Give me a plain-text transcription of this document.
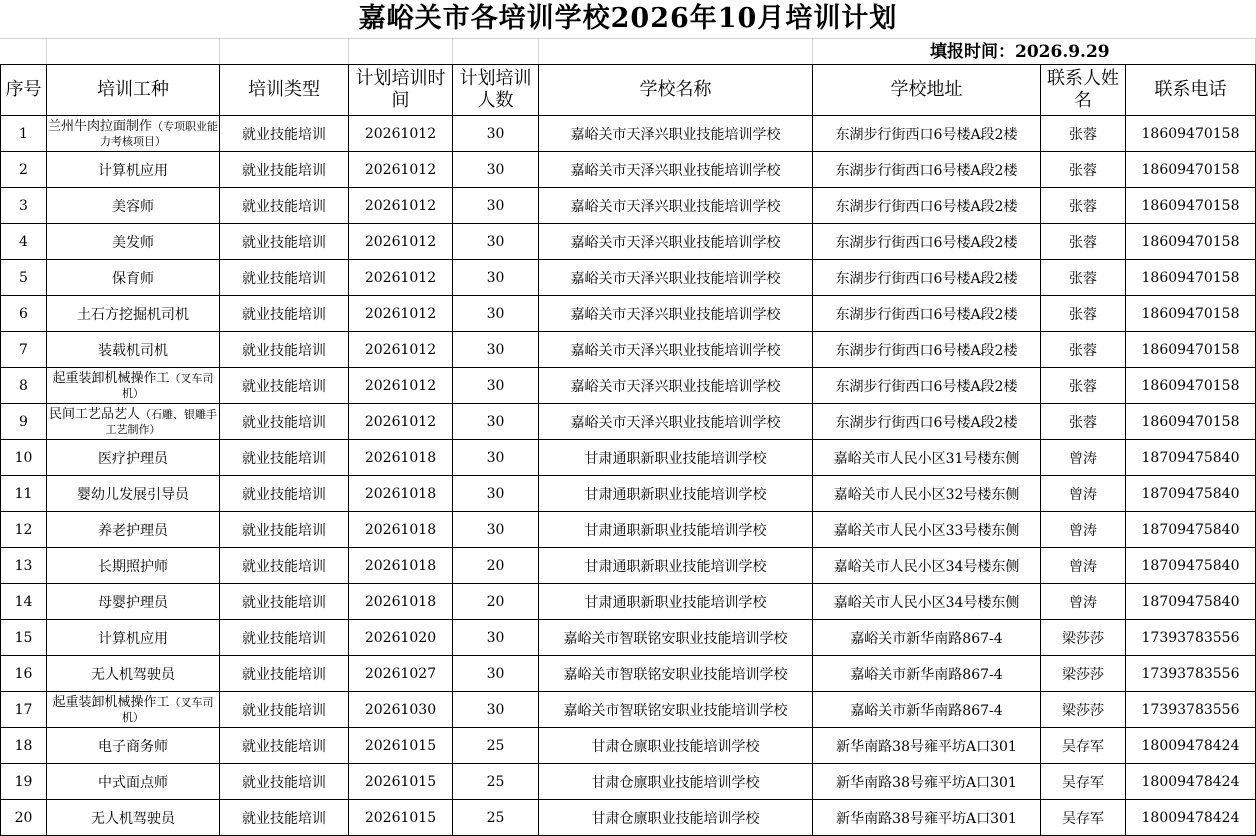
嘉峪关市各培训学校2026年10月培训计划
填报时间：2026.9.29
序号	培训工种	培训类型	计划培训时间	计划培训人数	学校名称	学校地址	联系人姓名	联系电话
1	兰州牛肉拉面制作（专项职业能力考核项目）	就业技能培训	20261012	30	嘉峪关市天泽兴职业技能培训学校	东湖步行街西口6号楼A段2楼	张蓉	18609470158
2	计算机应用	就业技能培训	20261012	30	嘉峪关市天泽兴职业技能培训学校	东湖步行街西口6号楼A段2楼	张蓉	18609470158
3	美容师	就业技能培训	20261012	30	嘉峪关市天泽兴职业技能培训学校	东湖步行街西口6号楼A段2楼	张蓉	18609470158
4	美发师	就业技能培训	20261012	30	嘉峪关市天泽兴职业技能培训学校	东湖步行街西口6号楼A段2楼	张蓉	18609470158
5	保育师	就业技能培训	20261012	30	嘉峪关市天泽兴职业技能培训学校	东湖步行街西口6号楼A段2楼	张蓉	18609470158
6	土石方挖掘机司机	就业技能培训	20261012	30	嘉峪关市天泽兴职业技能培训学校	东湖步行街西口6号楼A段2楼	张蓉	18609470158
7	装载机司机	就业技能培训	20261012	30	嘉峪关市天泽兴职业技能培训学校	东湖步行街西口6号楼A段2楼	张蓉	18609470158
8	起重装卸机械操作工（叉车司机）	就业技能培训	20261012	30	嘉峪关市天泽兴职业技能培训学校	东湖步行街西口6号楼A段2楼	张蓉	18609470158
9	民间工艺品艺人（石雕、银雕手工艺制作）	就业技能培训	20261012	30	嘉峪关市天泽兴职业技能培训学校	东湖步行街西口6号楼A段2楼	张蓉	18609470158
10	医疗护理员	就业技能培训	20261018	30	甘肃通职新职业技能培训学校	嘉峪关市人民小区31号楼东侧	曾涛	18709475840
11	婴幼儿发展引导员	就业技能培训	20261018	30	甘肃通职新职业技能培训学校	嘉峪关市人民小区32号楼东侧	曾涛	18709475840
12	养老护理员	就业技能培训	20261018	30	甘肃通职新职业技能培训学校	嘉峪关市人民小区33号楼东侧	曾涛	18709475840
13	长期照护师	就业技能培训	20261018	20	甘肃通职新职业技能培训学校	嘉峪关市人民小区34号楼东侧	曾涛	18709475840
14	母婴护理员	就业技能培训	20261018	20	甘肃通职新职业技能培训学校	嘉峪关市人民小区34号楼东侧	曾涛	18709475840
15	计算机应用	就业技能培训	20261020	30	嘉峪关市智联铭安职业技能培训学校	嘉峪关市新华南路867-4	梁莎莎	17393783556
16	无人机驾驶员	就业技能培训	20261027	30	嘉峪关市智联铭安职业技能培训学校	嘉峪关市新华南路867-4	梁莎莎	17393783556
17	起重装卸机械操作工（叉车司机）	就业技能培训	20261030	30	嘉峪关市智联铭安职业技能培训学校	嘉峪关市新华南路867-4	梁莎莎	17393783556
18	电子商务师	就业技能培训	20261015	25	甘肃仓廪职业技能培训学校	新华南路38号雍平坊A口301	吴存军	18009478424
19	中式面点师	就业技能培训	20261015	25	甘肃仓廪职业技能培训学校	新华南路38号雍平坊A口301	吴存军	18009478424
20	无人机驾驶员	就业技能培训	20261015	25	甘肃仓廪职业技能培训学校	新华南路38号雍平坊A口301	吴存军	18009478424
